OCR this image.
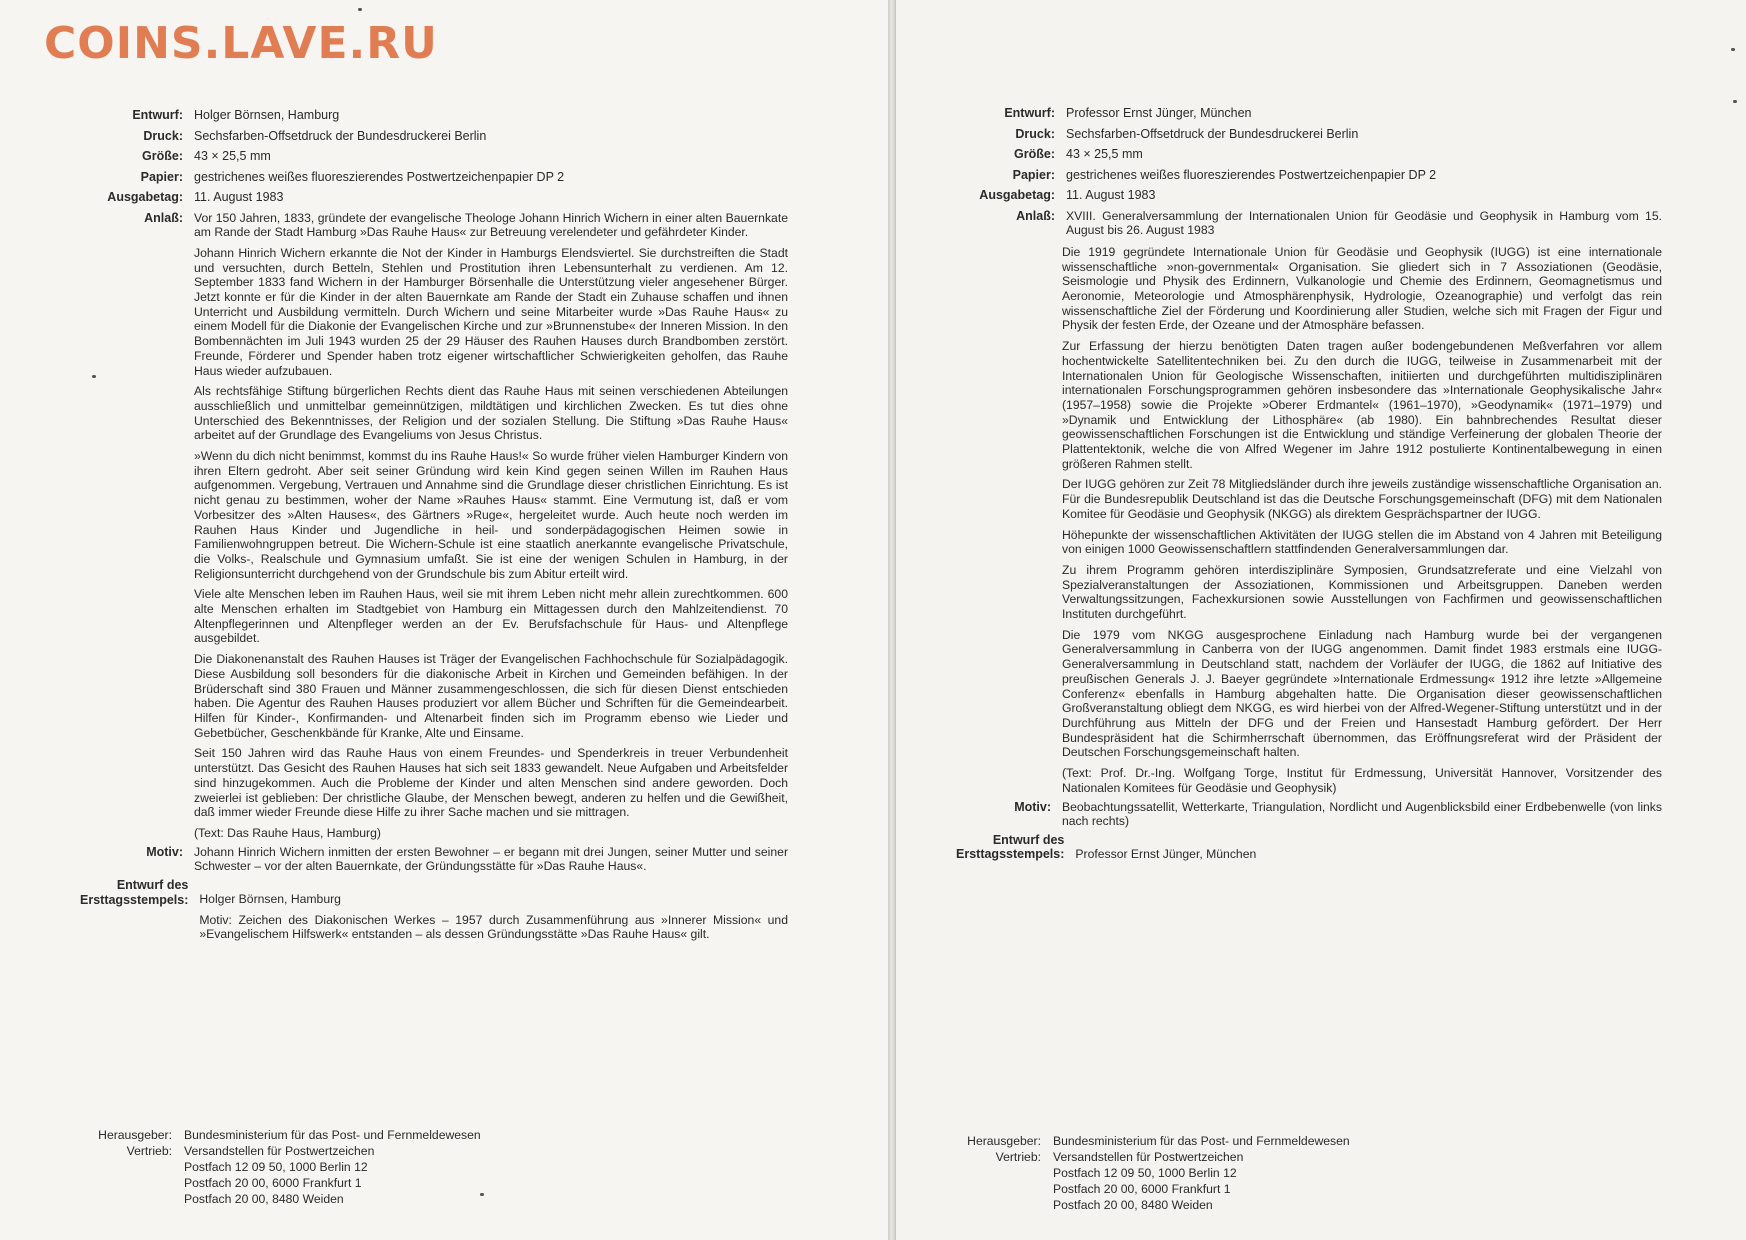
COINS.LAVE.RU
Entwurf: Holger Börnsen, Hamburg
Druck: Sechsfarben-Offsetdruck der Bundesdruckerei Berlin
Größe: 43 × 25,5 mm
Papier: gestrichenes weißes fluoreszierendes Postwertzeichenpapier DP 2
Ausgabetag: 11. August 1983
Anlaß: Vor 150 Jahren, 1833, gründete der evangelische Theologe Johann Hinrich Wichern in einer alten Bauernkate am Rande der Stadt Hamburg »Das Rauhe Haus« zur Betreuung verelendeter und gefährdeter Kinder.

Johann Hinrich Wichern erkannte die Not der Kinder in Hamburgs Elendsviertel. Sie durchstreiften die Stadt und versuchten, durch Betteln, Stehlen und Prostitution ihren Lebensunterhalt zu verdienen. Am 12. September 1833 fand Wichern in der Hamburger Börsenhalle die Unterstützung vieler angesehener Bürger. Jetzt konnte er für die Kinder in der alten Bauernkate am Rande der Stadt ein Zuhause schaffen und ihnen Unterricht und Ausbildung vermitteln. Durch Wichern und seine Mitarbeiter wurde »Das Rauhe Haus« zu einem Modell für die Diakonie der Evangelischen Kirche und zur »Brunnenstube« der Inneren Mission. In den Bombennächten im Juli 1943 wurden 25 der 29 Häuser des Rauhen Hauses durch Brandbomben zerstört. Freunde, Förderer und Spender haben trotz eigener wirtschaftlicher Schwierigkeiten geholfen, das Rauhe Haus wieder aufzubauen.

Als rechtsfähige Stiftung bürgerlichen Rechts dient das Rauhe Haus mit seinen verschiedenen Abteilungen ausschließlich und unmittelbar gemeinnützigen, mildtätigen und kirchlichen Zwecken. Es tut dies ohne Unterschied des Bekenntnisses, der Religion und der sozialen Stellung. Die Stiftung »Das Rauhe Haus« arbeitet auf der Grundlage des Evangeliums von Jesus Christus.

»Wenn du dich nicht benimmst, kommst du ins Rauhe Haus!« So wurde früher vielen Hamburger Kindern von ihren Eltern gedroht. Aber seit seiner Gründung wird kein Kind gegen seinen Willen im Rauhen Haus aufgenommen. Vergebung, Vertrauen und Annahme sind die Grundlage dieser christlichen Einrichtung. Es ist nicht genau zu bestimmen, woher der Name »Rauhes Haus« stammt. Eine Vermutung ist, daß er vom Vorbesitzer des »Alten Hauses«, des Gärtners »Ruge«, hergeleitet wurde. Auch heute noch werden im Rauhen Haus Kinder und Jugendliche in heil- und sonderpädagogischen Heimen sowie in Familienwohngruppen betreut. Die Wichern-Schule ist eine staatlich anerkannte evangelische Privatschule, die Volks-, Realschule und Gymnasium umfaßt. Sie ist eine der wenigen Schulen in Hamburg, in der Religionsunterricht durchgehend von der Grundschule bis zum Abitur erteilt wird.

Viele alte Menschen leben im Rauhen Haus, weil sie mit ihrem Leben nicht mehr allein zurechtkommen. 600 alte Menschen erhalten im Stadtgebiet von Hamburg ein Mittagessen durch den Mahlzeitendienst. 70 Altenpflegerinnen und Altenpfleger werden an der Ev. Berufsfachschule für Haus- und Altenpflege ausgebildet.

Die Diakonenanstalt des Rauhen Hauses ist Träger der Evangelischen Fachhochschule für Sozialpädagogik. Diese Ausbildung soll besonders für die diakonische Arbeit in Kirchen und Gemeinden befähigen. In der Brüderschaft sind 380 Frauen und Männer zusammengeschlossen, die sich für diesen Dienst entschieden haben. Die Agentur des Rauhen Hauses produziert vor allem Bücher und Schriften für die Gemeindearbeit. Hilfen für Kinder-, Konfirmanden- und Altenarbeit finden sich im Programm ebenso wie Lieder und Gebetbücher, Geschenkbände für Kranke, Alte und Einsame.

Seit 150 Jahren wird das Rauhe Haus von einem Freundes- und Spenderkreis in treuer Verbundenheit unterstützt. Das Gesicht des Rauhen Hauses hat sich seit 1833 gewandelt. Neue Aufgaben und Arbeitsfelder sind hinzugekommen. Auch die Probleme der Kinder und alten Menschen sind andere geworden. Doch zweierlei ist geblieben: Der christliche Glaube, der Menschen bewegt, anderen zu helfen und die Gewißheit, daß immer wieder Freunde diese Hilfe zu ihrer Sache machen und sie mittragen.

(Text: Das Rauhe Haus, Hamburg)

Motiv: Johann Hinrich Wichern inmitten der ersten Bewohner – er begann mit drei Jungen, seiner Mutter und seiner Schwester – vor der alten Bauernkate, der Gründungsstätte für »Das Rauhe Haus«.

Entwurf des
Ersttagsstempels: Holger Börnsen, Hamburg

Motiv: Zeichen des Diakonischen Werkes – 1957 durch Zusammenführung aus »Innerer Mission« und »Evangelischem Hilfswerk« entstanden – als dessen Gründungsstätte »Das Rauhe Haus« gilt.

Herausgeber: Bundesministerium für das Post- und Fernmeldewesen
Vertrieb: Versandstellen für Postwertzeichen
Postfach 12 09 50, 1000 Berlin 12
Postfach 20 00, 6000 Frankfurt 1
Postfach 20 00, 8480 Weiden
Entwurf: Professor Ernst Jünger, München
Druck: Sechsfarben-Offsetdruck der Bundesdruckerei Berlin
Größe: 43 × 25,5 mm
Papier: gestrichenes weißes fluoreszierendes Postwertzeichenpapier DP 2
Ausgabetag: 11. August 1983
Anlaß: XVIII. Generalversammlung der Internationalen Union für Geodäsie und Geophysik in Hamburg vom 15. August bis 26. August 1983

Die 1919 gegründete Internationale Union für Geodäsie und Geophysik (IUGG) ist eine internationale wissenschaftliche »non-governmental« Organisation. Sie gliedert sich in 7 Assoziationen (Geodäsie, Seismologie und Physik des Erdinnern, Vulkanologie und Chemie des Erdinnern, Geomagnetismus und Aeronomie, Meteorologie und Atmosphärenphysik, Hydrologie, Ozeanographie) und verfolgt das rein wissenschaftliche Ziel der Förderung und Koordinierung aller Studien, welche sich mit Fragen der Figur und Physik der festen Erde, der Ozeane und der Atmosphäre befassen.

Zur Erfassung der hierzu benötigten Daten tragen außer bodengebundenen Meßverfahren vor allem hochentwickelte Satellitentechniken bei. Zu den durch die IUGG, teilweise in Zusammenarbeit mit der Internationalen Union für Geologische Wissenschaften, initiierten und durchgeführten multidisziplinären internationalen Forschungsprogrammen gehören insbesondere das »Internationale Geophysikalische Jahr« (1957–1958) sowie die Projekte »Oberer Erdmantel« (1961–1970), »Geodynamik« (1971–1979) und »Dynamik und Entwicklung der Lithosphäre« (ab 1980). Ein bahnbrechendes Resultat dieser geowissenschaftlichen Forschungen ist die Entwicklung und ständige Verfeinerung der globalen Theorie der Plattentektonik, welche die von Alfred Wegener im Jahre 1912 postulierte Kontinentalbewegung in einen größeren Rahmen stellt.

Der IUGG gehören zur Zeit 78 Mitgliedsländer durch ihre jeweils zuständige wissenschaftliche Organisation an. Für die Bundesrepublik Deutschland ist das die Deutsche Forschungsgemeinschaft (DFG) mit dem Nationalen Komitee für Geodäsie und Geophysik (NKGG) als direktem Gesprächspartner der IUGG.

Höhepunkte der wissenschaftlichen Aktivitäten der IUGG stellen die im Abstand von 4 Jahren mit Beteiligung von einigen 1000 Geowissenschaftlern stattfindenden Generalversammlungen dar.

Zu ihrem Programm gehören interdisziplinäre Symposien, Grundsatzreferate und eine Vielzahl von Spezialveranstaltungen der Assoziationen, Kommissionen und Arbeitsgruppen. Daneben werden Verwaltungssitzungen, Fachexkursionen sowie Ausstellungen von Fachfirmen und geowissenschaftlichen Instituten durchgeführt.

Die 1979 vom NKGG ausgesprochene Einladung nach Hamburg wurde bei der vergangenen Generalversammlung in Canberra von der IUGG angenommen. Damit findet 1983 erstmals eine IUGG-Generalversammlung in Deutschland statt, nachdem der Vorläufer der IUGG, die 1862 auf Initiative des preußischen Generals J. J. Baeyer gegründete »Internationale Erdmessung« 1912 ihre letzte »Allgemeine Conferenz« ebenfalls in Hamburg abgehalten hatte. Die Organisation dieser geowissenschaftlichen Großveranstaltung obliegt dem NKGG, es wird hierbei von der Alfred-Wegener-Stiftung unterstützt und in der Durchführung aus Mitteln der DFG und der Freien und Hansestadt Hamburg gefördert. Der Herr Bundespräsident hat die Schirmherrschaft übernommen, das Eröffnungsreferat wird der Präsident der Deutschen Forschungsgemeinschaft halten.

(Text: Prof. Dr.-Ing. Wolfgang Torge, Institut für Erdmessung, Universität Hannover, Vorsitzender des Nationalen Komitees für Geodäsie und Geophysik)

Motiv: Beobachtungssatellit, Wetterkarte, Triangulation, Nordlicht und Augenblicksbild einer Erdbebenwelle (von links nach rechts)

Entwurf des
Ersttagsstempels: Professor Ernst Jünger, München

Herausgeber: Bundesministerium für das Post- und Fernmeldewesen
Vertrieb: Versandstellen für Postwertzeichen
Postfach 12 09 50, 1000 Berlin 12
Postfach 20 00, 6000 Frankfurt 1
Postfach 20 00, 8480 Weiden
